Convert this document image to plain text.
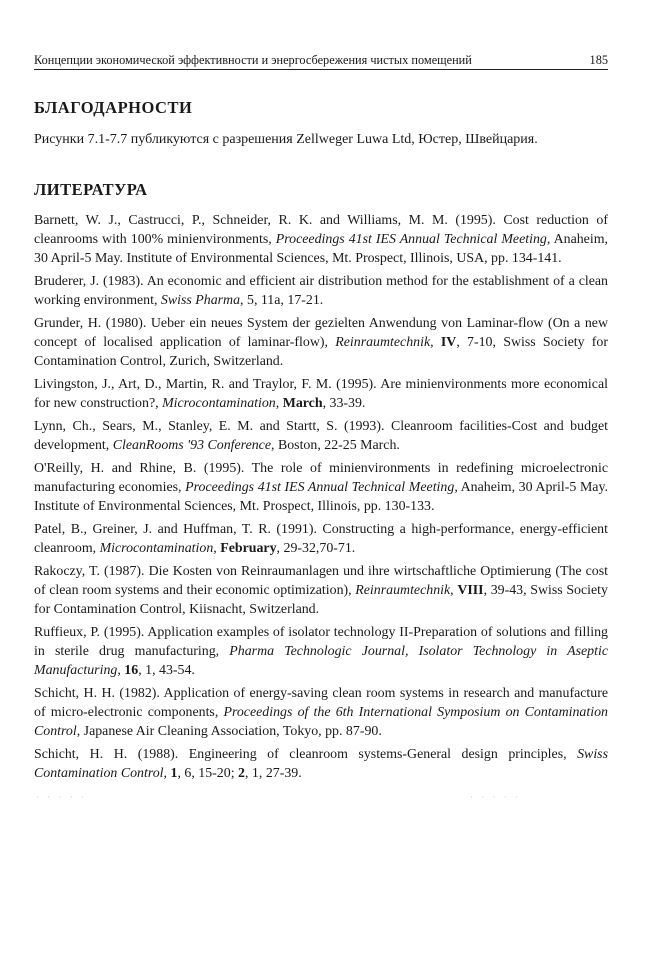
Концепции экономической эффективности и энергосбережения чистых помещений	185
БЛАГОДАРНОСТИ
Рисунки 7.1-7.7 публикуются с разрешения Zellweger Luwa Ltd, Юстер, Швейцария.
ЛИТЕРАТУРА

Barnett, W. J., Castrucci, P., Schneider, R. K. and Williams, M. M. (1995). Cost reduction of cleanrooms with 100% minienvironments, Proceedings 41st IES Annual Technical Meeting, Anaheim, 30 April-5 May. Institute of Environmental Sciences, Mt. Prospect, Illinois, USA, pp. 134-141.

Bruderer, J. (1983). An economic and efficient air distribution method for the establishment of a clean working environment, Swiss Pharma, 5, 11a, 17-21.

Grunder, H. (1980). Ueber ein neues System der gezielten Anwendung von Laminar-flow (On a new concept of localised application of laminar-flow), Reinraumtechnik, IV, 7-10, Swiss Society for Contamination Control, Zurich, Switzerland.

Livingston, J., Art, D., Martin, R. and Traylor, F. M. (1995). Are minienvironments more economical for new construction?, Microcontamination, March, 33-39.

Lynn, Ch., Sears, M., Stanley, E. M. and Startt, S. (1993). Cleanroom facilities-Cost and budget development, CleanRooms '93 Conference, Boston, 22-25 March.

O'Reilly, H. and Rhine, B. (1995). The role of minienvironments in redefining microelectronic manufacturing economies, Proceedings 41st IES Annual Technical Meeting, Anaheim, 30 April-5 May. Institute of Environmental Sciences, Mt. Prospect, Illinois, pp. 130-133.

Patel, B., Greiner, J. and Huffman, T. R. (1991). Constructing a high-performance, energy-efficient cleanroom, Microcontamination, February, 29-32,70-71.

Rakoczy, T. (1987). Die Kosten von Reinraumanlagen und ihre wirtschaftliche Optimierung (The cost of clean room systems and their economic optimization), Reinraumtechnik, VIII, 39-43, Swiss Society for Contamination Control, Kiisnacht, Switzerland.

Ruffieux, P. (1995). Application examples of isolator technology II-Preparation of solutions and filling in sterile drug manufacturing, Pharma Technologic Journal, Isolator Technology in Aseptic Manufacturing, 16, 1, 43-54.

Schicht, H. H. (1982). Application of energy-saving clean room systems in research and manufacture of micro-electronic components, Proceedings of the 6th International Symposium on Contamination Control, Japanese Air Cleaning Association, Tokyo, pp. 87-90.

Schicht, H. H. (1988). Engineering of cleanroom systems-General design principles, Swiss Contamination Control, 1, 6, 15-20; 2, 1, 27-39.

· · · · ·	· · · · ·
